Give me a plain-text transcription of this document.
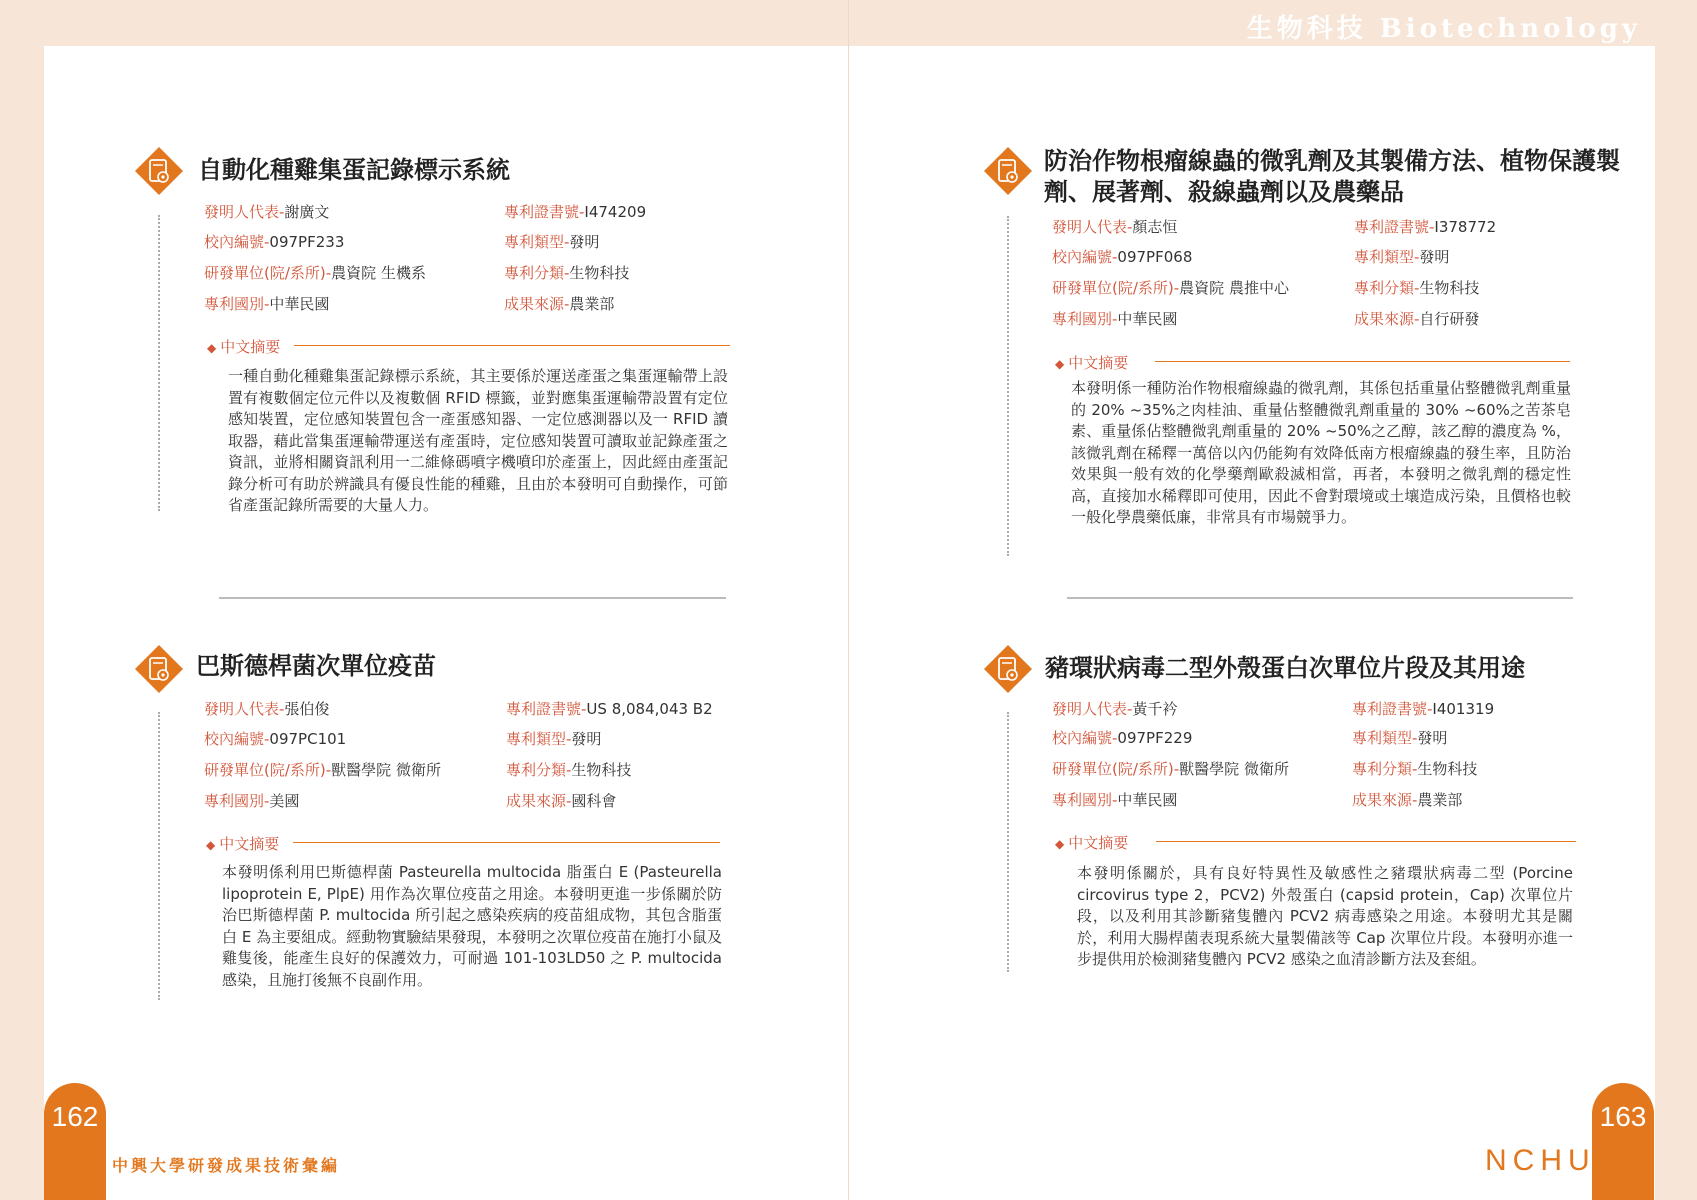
生物科技 Biotechnology
自動化種雞集蛋記錄標示系統
發明人代表-謝廣文
校內編號-097PF233
研發單位(院/系所)-農資院 生機系
專利國別-中華民國
專利證書號-I474209
專利類型-發明
專利分類-生物科技
成果來源-農業部
◆ 中文摘要
一種自動化種雞集蛋記錄標示系統，其主要係於運送產蛋之集蛋運輸帶上設置有複數個定位元件以及複數個 RFID 標籤，並對應集蛋運輸帶設置有定位感知裝置，定位感知裝置包含一產蛋感知器、一定位感測器以及一 RFID 讀取器，藉此當集蛋運輸帶運送有產蛋時，定位感知裝置可讀取並記錄產蛋之資訊，並將相關資訊利用一二維條碼噴字機噴印於產蛋上，因此經由產蛋記錄分析可有助於辨識具有優良性能的種雞，且由於本發明可自動操作，可節省產蛋記錄所需要的大量人力。
防治作物根瘤線蟲的微乳劑及其製備方法、植物保護製劑、展著劑、殺線蟲劑以及農藥品
發明人代表-顏志恒
校內編號-097PF068
研發單位(院/系所)-農資院 農推中心
專利國別-中華民國
專利證書號-I378772
專利類型-發明
專利分類-生物科技
成果來源-自行研發
◆ 中文摘要
本發明係一種防治作物根瘤線蟲的微乳劑，其係包括重量佔整體微乳劑重量的 20% ~35%之肉桂油、重量佔整體微乳劑重量的 30% ~60%之苦茶皂素、重量係佔整體微乳劑重量的 20% ~50%之乙醇，該乙醇的濃度為 %，該微乳劑在稀釋一萬倍以內仍能夠有效降低南方根瘤線蟲的發生率，且防治效果與一般有效的化學藥劑歐殺滅相當，再者，本發明之微乳劑的穩定性高，直接加水稀釋即可使用，因此不會對環境或土壤造成污染，且價格也較一般化學農藥低廉，非常具有市場競爭力。
巴斯德桿菌次單位疫苗
發明人代表-張伯俊
校內編號-097PC101
研發單位(院/系所)-獸醫學院 微衛所
專利國別-美國
專利證書號-US 8,084,043 B2
專利類型-發明
專利分類-生物科技
成果來源-國科會
◆ 中文摘要
本發明係利用巴斯德桿菌 Pasteurella multocida 脂蛋白 E (Pasteurella lipoprotein E, PlpE) 用作為次單位疫苗之用途。本發明更進一步係關於防治巴斯德桿菌 P. multocida 所引起之感染疾病的疫苗組成物，其包含脂蛋白 E 為主要組成。經動物實驗結果發現，本發明之次單位疫苗在施打小鼠及雞隻後，能產生良好的保護效力，可耐過 101-103LD50 之 P. multocida 感染，且施打後無不良副作用。
豬環狀病毒二型外殼蛋白次單位片段及其用途
發明人代表-黃千衿
校內編號-097PF229
研發單位(院/系所)-獸醫學院 微衛所
專利國別-中華民國
專利證書號-I401319
專利類型-發明
專利分類-生物科技
成果來源-農業部
◆ 中文摘要
本發明係關於，具有良好特異性及敏感性之豬環狀病毒二型 (Porcine circovirus type 2，PCV2) 外殼蛋白 (capsid protein，Cap) 次單位片段，以及利用其診斷豬隻體內 PCV2 病毒感染之用途。本發明尤其是關於，利用大腸桿菌表現系統大量製備該等 Cap 次單位片段。本發明亦進一步提供用於檢測豬隻體內 PCV2 感染之血清診斷方法及套組。
162	163
中興大學研發成果技術彙編	NCHU
